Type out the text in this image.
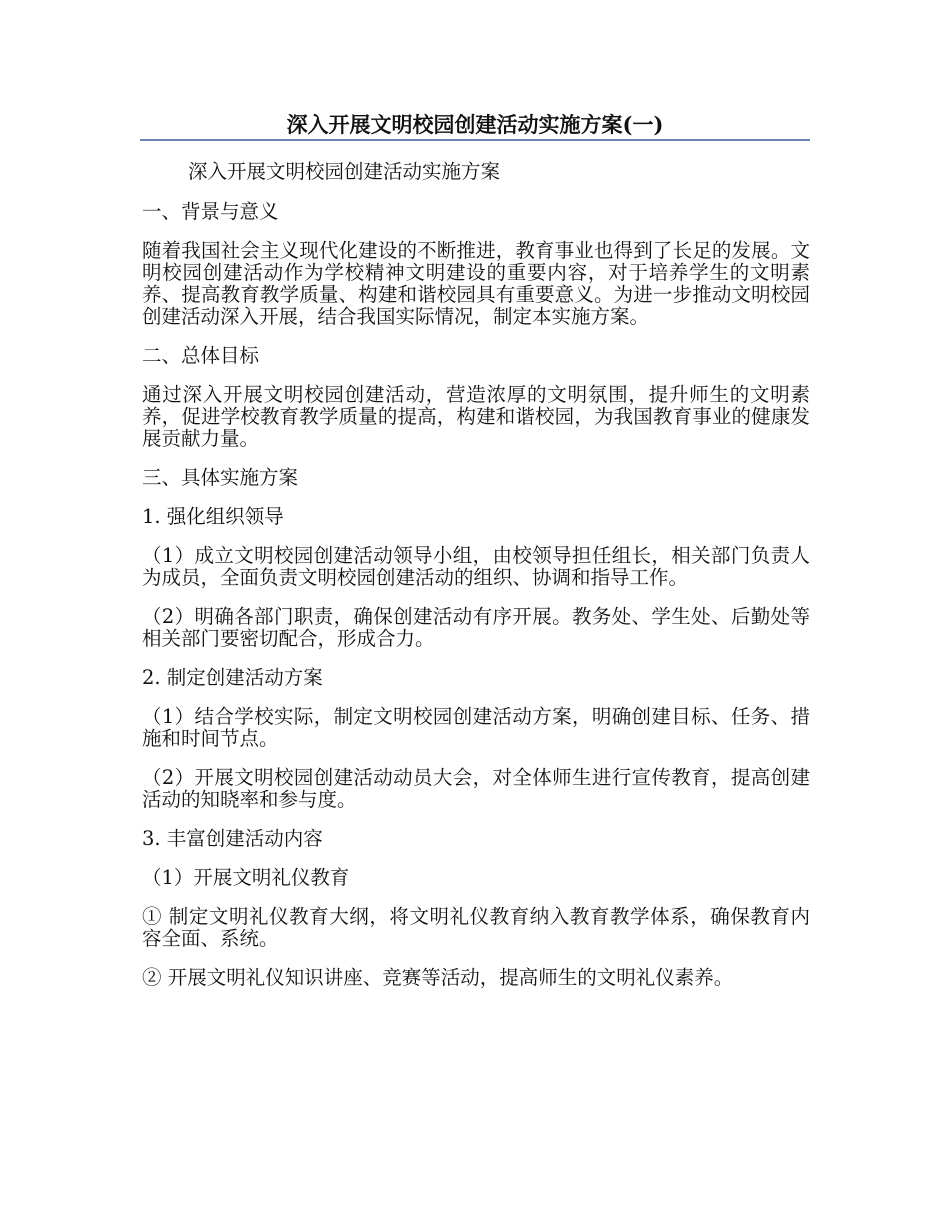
深入开展文明校园创建活动实施方案(一)

深入开展文明校园创建活动实施方案

一、背景与意义

随着我国社会主义现代化建设的不断推进，教育事业也得到了长足的发展。文明校园创建活动作为学校精神文明建设的重要内容，对于培养学生的文明素养、提高教育教学质量、构建和谐校园具有重要意义。为进一步推动文明校园创建活动深入开展，结合我国实际情况，制定本实施方案。

二、总体目标

通过深入开展文明校园创建活动，营造浓厚的文明氛围，提升师生的文明素养，促进学校教育教学质量的提高，构建和谐校园，为我国教育事业的健康发展贡献力量。

三、具体实施方案

1. 强化组织领导

（1）成立文明校园创建活动领导小组，由校领导担任组长，相关部门负责人为成员，全面负责文明校园创建活动的组织、协调和指导工作。

（2）明确各部门职责，确保创建活动有序开展。教务处、学生处、后勤处等相关部门要密切配合，形成合力。

2. 制定创建活动方案

（1）结合学校实际，制定文明校园创建活动方案，明确创建目标、任务、措施和时间节点。

（2）开展文明校园创建活动动员大会，对全体师生进行宣传教育，提高创建活动的知晓率和参与度。

3. 丰富创建活动内容

（1）开展文明礼仪教育

① 制定文明礼仪教育大纲，将文明礼仪教育纳入教育教学体系，确保教育内容全面、系统。

② 开展文明礼仪知识讲座、竞赛等活动，提高师生的文明礼仪素养。
